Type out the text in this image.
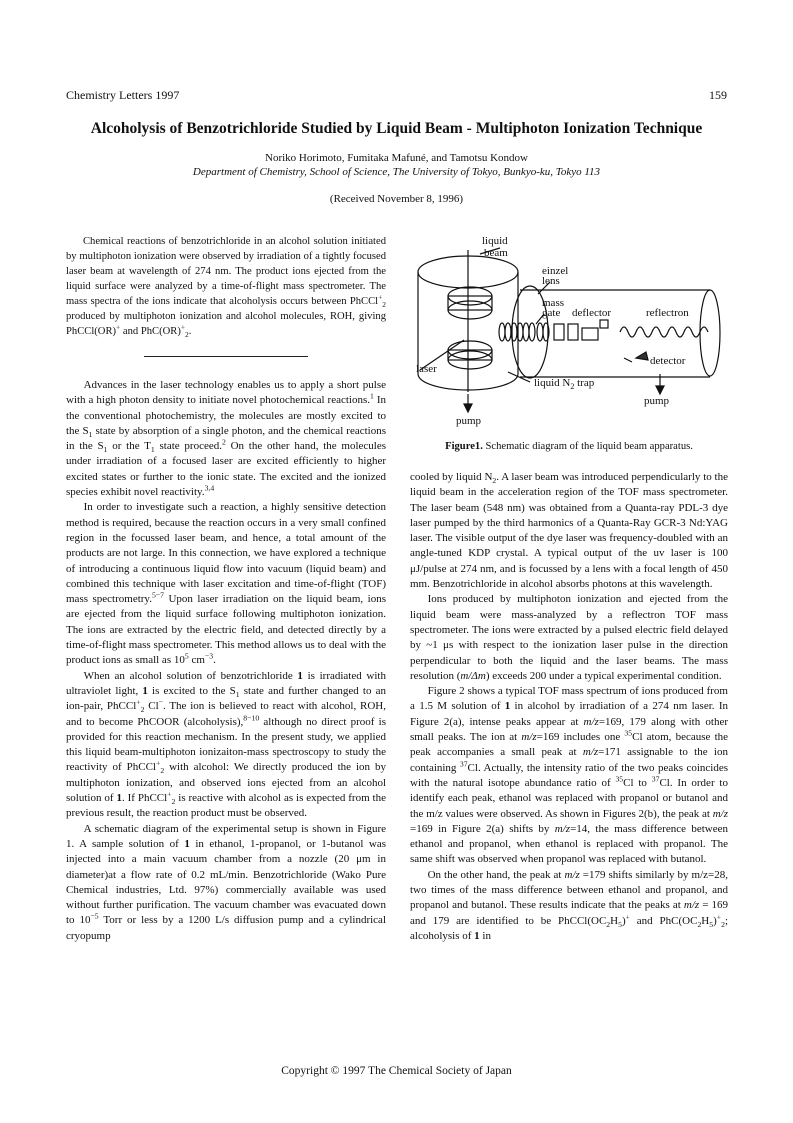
Chemistry Letters 1997	159
Alcoholysis of Benzotrichloride Studied by Liquid Beam - Multiphoton Ionization Technique
Noriko Horimoto, Fumitaka Mafuné, and Tamotsu Kondow
Department of Chemistry, School of Science, The University of Tokyo, Bunkyo-ku, Tokyo 113
(Received November 8, 1996)

Chemical reactions of benzotrichloride in an alcohol solution initiated by multiphoton ionization were observed by irradiation of a tightly focused laser beam at wavelength of 274 nm. The product ions ejected from the liquid surface were analyzed by a time-of-flight mass spectrometer. The mass spectra of the ions indicate that alcoholysis occurs between PhCCl+$_2$ produced by multiphoton ionization and alcohol molecules, ROH, giving PhCCl(OR)+ and $PhC(OR)^+_2$.

Advances in the laser technology enables us to apply a short pulse with a high photon density to initiate novel photochemical reactions.$^1$ In the conventional photochemistry, the molecules are mostly excited to the $S_1$ state by absorption of a single photon, and the chemical reactions in the $S_1$ or the $T_1$ state proceed.$^2$ On the other hand, the molecules under irradiation of a focused laser are excited efficiently to higher excited states or further to the ionic state. The excited and the ionized species exhibit novel reactivity.$^{3,4}$

In order to investigate such a reaction, a highly sensitive detection method is required, because the reaction occurs in a very small confined region in the focussed laser beam, and hence, a total amount of the products are not large. In this connection, we have explored a technique of introducing a continuous liquid flow into vacuum (liquid beam) and combined this technique with laser excitation and time-of-flight (TOF) mass spectrometry.$^{5-7}$ Upon laser irradiation on the liquid beam, ions are ejected from the liquid surface following multiphoton ionization. The ions are extracted by the electric field, and detected directly by a time-of-flight mass spectrometer. This method allows us to deal with the product ions as small as $10^5$ $cm^{-3}$.

When an alcohol solution of benzotrichloride 1 is irradiated with ultraviolet light, 1 is excited to the $S_1$ state and further changed to an ion-pair, PhCCl+$_2$ Cl−. The ion is believed to react with alcohol, ROH, and to become PhCOOR (alcoholysis),$^{8-10}$ although no direct proof is provided for this reaction mechanism. In the present study, we applied this liquid beam-multiphoton ionizaiton-mass spectroscopy to study the reactivity of PhCCl+$_2$ with alcohol: We directly produced the ion by multiphoton ionization, and observed ions ejected from an alcohol solution of 1. If PhCCl+$_2$ is reactive with alcohol as is expected from the previous result, the reaction product must be observed.

A schematic diagram of the experimental setup is shown in Figure 1. A sample solution of 1 in ethanol, 1-propanol, or 1-butanol was injected into a main vacuum chamber from a nozzle (20 μm in diameter)at a flow rate of 0.2 mL/min. Benzotrichloride (Wako Pure Chemical industries, Ltd. 97%) commercially available was used without further purification. The vacuum chamber was evacuated down to $10^{-5}$ Torr or less by a 1200 L/s diffusion pump and a cylindrical cryopump

liquid
beam
einzel
lens
mass
gate deflector	reflectron
detector
laser
liquid $N_2$ trap
pump
pump
Figure1. Schematic diagram of the liquid beam apparatus.

cooled by liquid $N_2$. A laser beam was introduced perpendicularly to the liquid beam in the acceleration region of the TOF mass spectrometer. The laser beam (548 nm) was obtained from a Quanta-ray PDL-3 dye laser pumped by the third harmonics of a Quanta-Ray GCR-3 Nd:YAG laser. The visible output of the dye laser was frequency-doubled with an angle-tuned KDP crystal. A typical output of the uv laser is 100 μJ/pulse at 274 nm, and is focussed by a lens with a focal length of 450 mm. Benzotrichloride in alcohol absorbs photons at this wavelength.

Ions produced by multiphoton ionization and ejected from the liquid beam were mass-analyzed by a reflectron TOF mass spectrometer. The ions were extracted by a pulsed electric field delayed by ~1 μs with respect to the ionization laser pulse in the direction perpendicular to both the liquid and the laser beams. The mass resolution (m/Δm) exceeds 200 under a typical experimental condition.

Figure 2 shows a typical TOF mass spectrum of ions produced from a 1.5 M solution of 1 in alcohol by irradiation of a 274 nm laser. In Figure 2(a), intense peaks appear at m/z=169, 179 along with other small peaks. The ion at m/z=169 includes one $^{35}$Cl atom, because the peak accompanies a small peak at m/z=171 assignable to the ion containing $^{37}$Cl. Actually, the intensity ratio of the two peaks coincides with the natural isotope abundance ratio of $^{35}$Cl to $^{37}$Cl. In order to identify each peak, ethanol was replaced with propanol or butanol and the m/z values were observed. As shown in Figures 2(b), the peak at m/z =169 in Figure 2(a) shifts by m/z=14, the mass difference between ethanol and propanol, when ethanol is replaced with propanol. The same shift was observed when propanol was replaced with butanol.

On the other hand, the peak at m/z =179 shifts similarly by m/z=28, two times of the mass difference between ethanol and propanol, and propanol and butanol. These results indicate that the peaks at m/z = 169 and 179 are identified to be $PhCCl(OC_2H_5)^+$ and $PhC(OC_2H_5)^+_2$; alcoholysis of 1 in

Copyright © 1997 The Chemical Society of Japan
